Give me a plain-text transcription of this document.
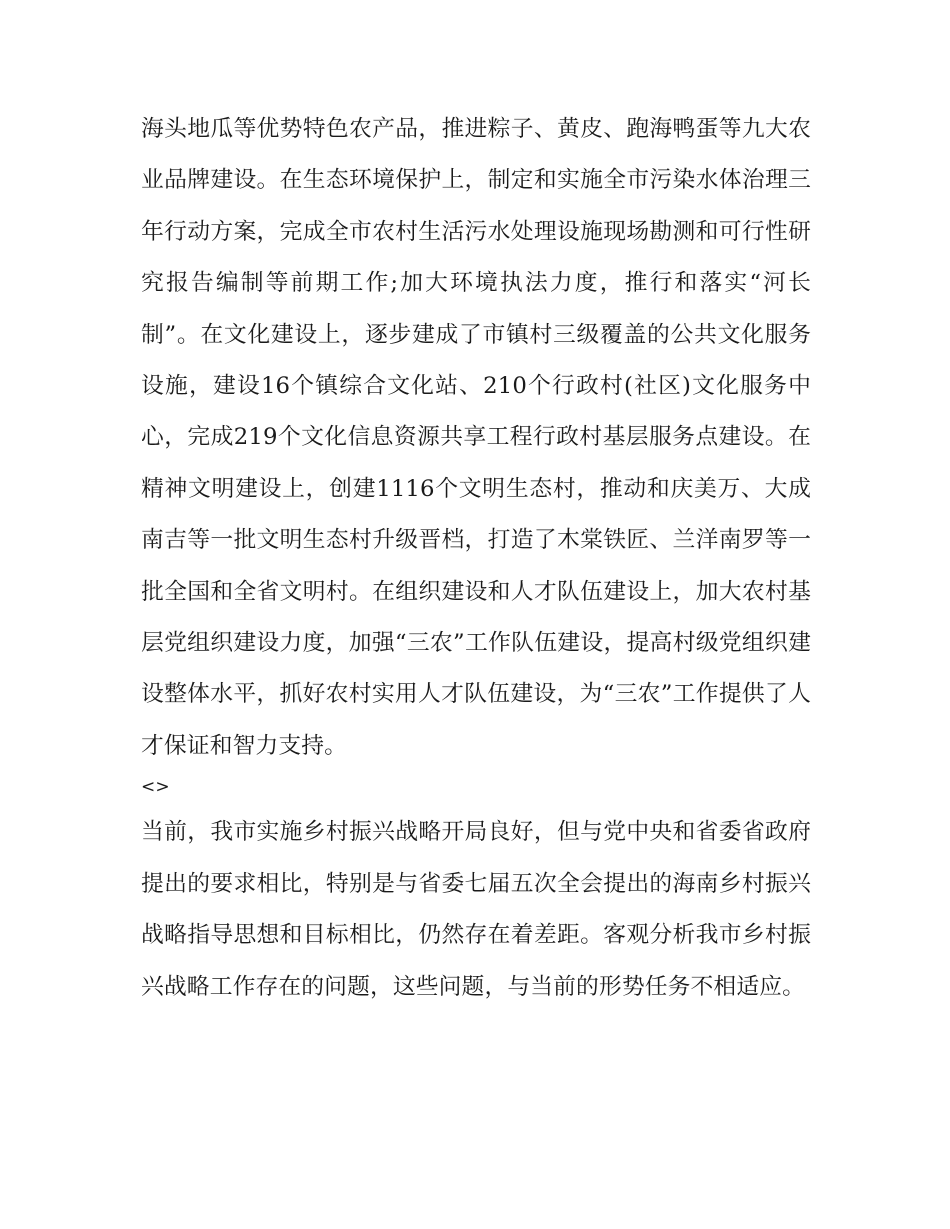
海头地瓜等优势特色农产品，推进粽子、黄皮、跑海鸭蛋等九大农业品牌建设。在生态环境保护上，制定和实施全市污染水体治理三年行动方案，完成全市农村生活污水处理设施现场勘测和可行性研究报告编制等前期工作;加大环境执法力度，推行和落实“河长制”。在文化建设上，逐步建成了市镇村三级覆盖的公共文化服务设施，建设16个镇综合文化站、210个行政村(社区)文化服务中心，完成219个文化信息资源共享工程行政村基层服务点建设。在精神文明建设上，创建1116个文明生态村，推动和庆美万、大成南吉等一批文明生态村升级晋档，打造了木棠铁匠、兰洋南罗等一批全国和全省文明村。在组织建设和人才队伍建设上，加大农村基层党组织建设力度，加强“三农”工作队伍建设，提高村级党组织建设整体水平，抓好农村实用人才队伍建设，为“三农”工作提供了人才保证和智力支持。

<>

当前，我市实施乡村振兴战略开局良好，但与党中央和省委省政府提出的要求相比，特别是与省委七届五次全会提出的海南乡村振兴战略指导思想和目标相比，仍然存在着差距。客观分析我市乡村振兴战略工作存在的问题，这些问题，与当前的形势任务不相适应。
